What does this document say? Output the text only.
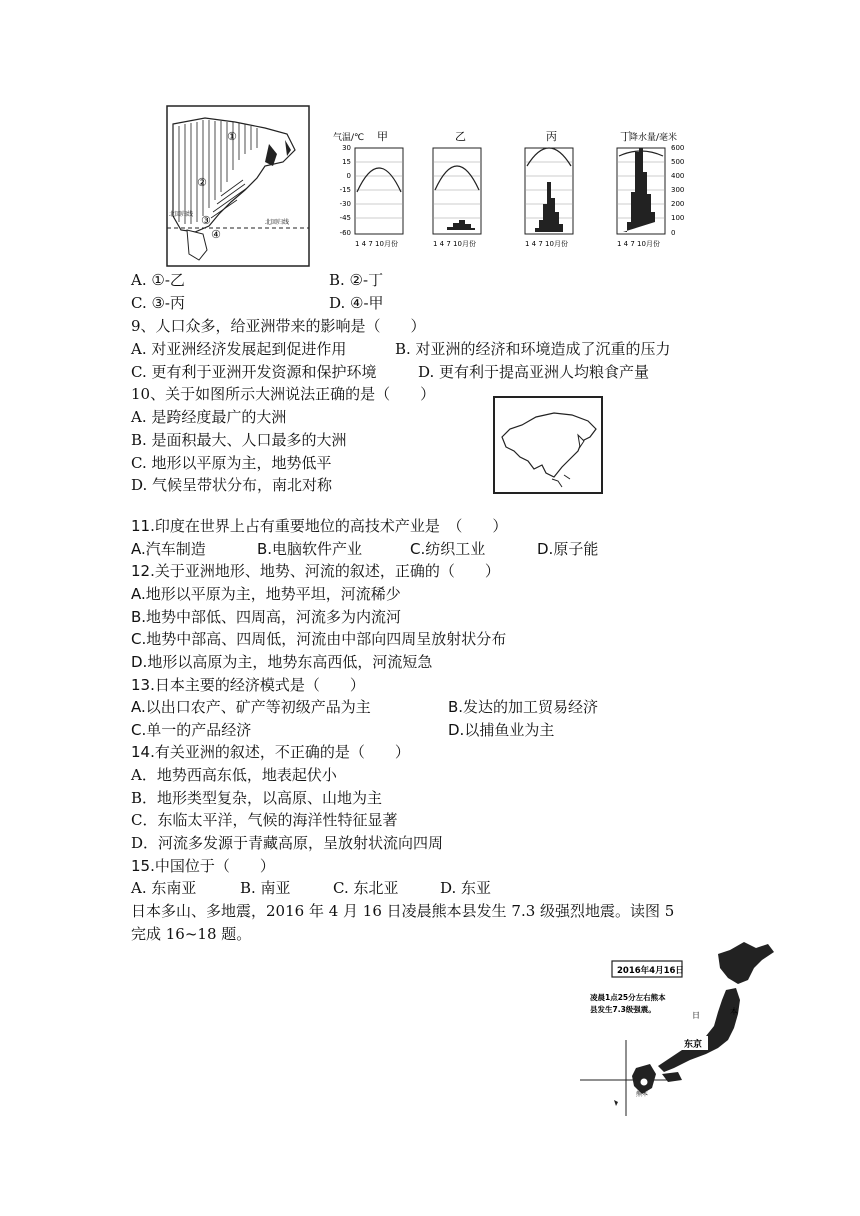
①
②
③
④
北回归线
北回归线
气温/℃
30
15
0
-15
-30
-45
-60
甲
1 4 7 10月份
乙
1 4 7 10月份
丙
1 4 7 10月份
丁
降水量/毫米
1 4 7 10月份
600
500
400
300
200
100
0
A. ①-乙	B. ②-丁
C. ③-丙	D. ④-甲
9、人口众多，给亚洲带来的影响是（　　）
A. 对亚洲经济发展起到促进作用	B. 对亚洲的经济和环境造成了沉重的压力
C. 更有利于亚洲开发资源和保护环境	D. 更有利于提高亚洲人均粮食产量
10、关于如图所示大洲说法正确的是（　　）
A. 是跨经度最广的大洲
B. 是面积最大、人口最多的大洲
C. 地形以平原为主，地势低平
D. 气候呈带状分布，南北对称
11.印度在世界上占有重要地位的高技术产业是　（　　）
A.汽车制造	B.电脑软件产业	C.纺织工业	D.原子能
12.关于亚洲地形、地势、河流的叙述，正确的（　　）
A.地形以平原为主，地势平坦，河流稀少
B.地势中部低、四周高，河流多为内流河
C.地势中部高、四周低，河流由中部向四周呈放射状分布
D.地形以高原为主，地势东高西低，河流短急
13.日本主要的经济模式是（　　）
A.以出口农产、矿产等初级产品为主	B.发达的加工贸易经济
C.单一的产品经济	D.以捕鱼业为主
14.有关亚洲的叙述，不正确的是（　　）
A．地势西高东低，地表起伏小
B．地形类型复杂，以高原、山地为主
C．东临太平洋，气候的海洋性特征显著
D．河流多发源于青藏高原，呈放射状流向四周
15.中国位于（　　）
A. 东南亚	B. 南亚	C. 东北亚	D. 东亚
日本多山、多地震，2016 年 4 月 16 日凌晨熊本县发生 7.3 级强烈地震。读图 5
完成 16~18 题。
2016年4月16日
凌晨1点25分左右熊本
县发生7.3级强震。
日	本
东京
熊本
